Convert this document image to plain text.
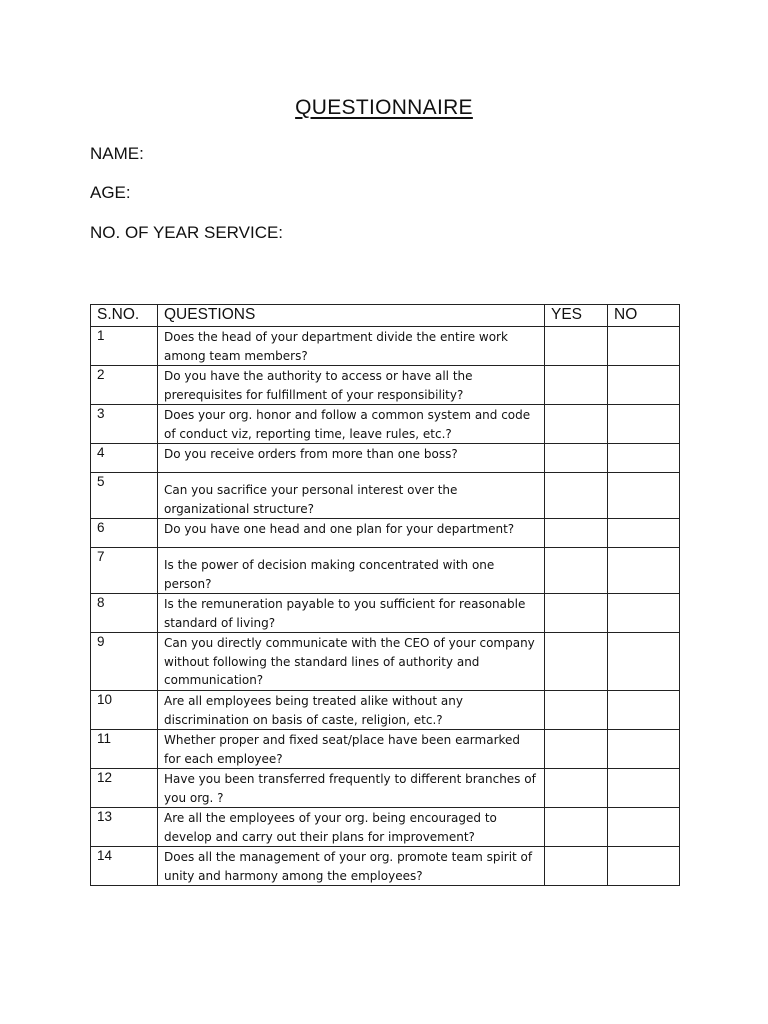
QUESTIONNAIRE
NAME:
AGE:
NO. OF YEAR SERVICE:
S.NO.	QUESTIONS	YES	NO
1	Does the head of your department divide the entire work among team members?		
2	Do you have the authority to access or have all the prerequisites for fulfillment of your responsibility?		
3	Does your org. honor and follow a common system and code of conduct viz, reporting time, leave rules, etc.?		
4	Do you receive orders from more than one boss?		
5	Can you sacrifice your personal interest over the organizational structure?		
6	Do you have one head and one plan for your department?		
7	Is the power of decision making concentrated with one person?		
8	Is the remuneration payable to you sufficient for reasonable standard of living?		
9	Can you directly communicate with the CEO of your company without following the standard lines of authority and communication?		
10	Are all employees being treated alike without any discrimination on basis of caste, religion, etc.?		
11	Whether proper and fixed seat/place have been earmarked for each employee?		
12	Have you been transferred frequently to different branches of you org. ?		
13	Are all the employees of your org. being encouraged to develop and carry out their plans for improvement?		
14	Does all the management of your org. promote team spirit of unity and harmony among the employees?		
